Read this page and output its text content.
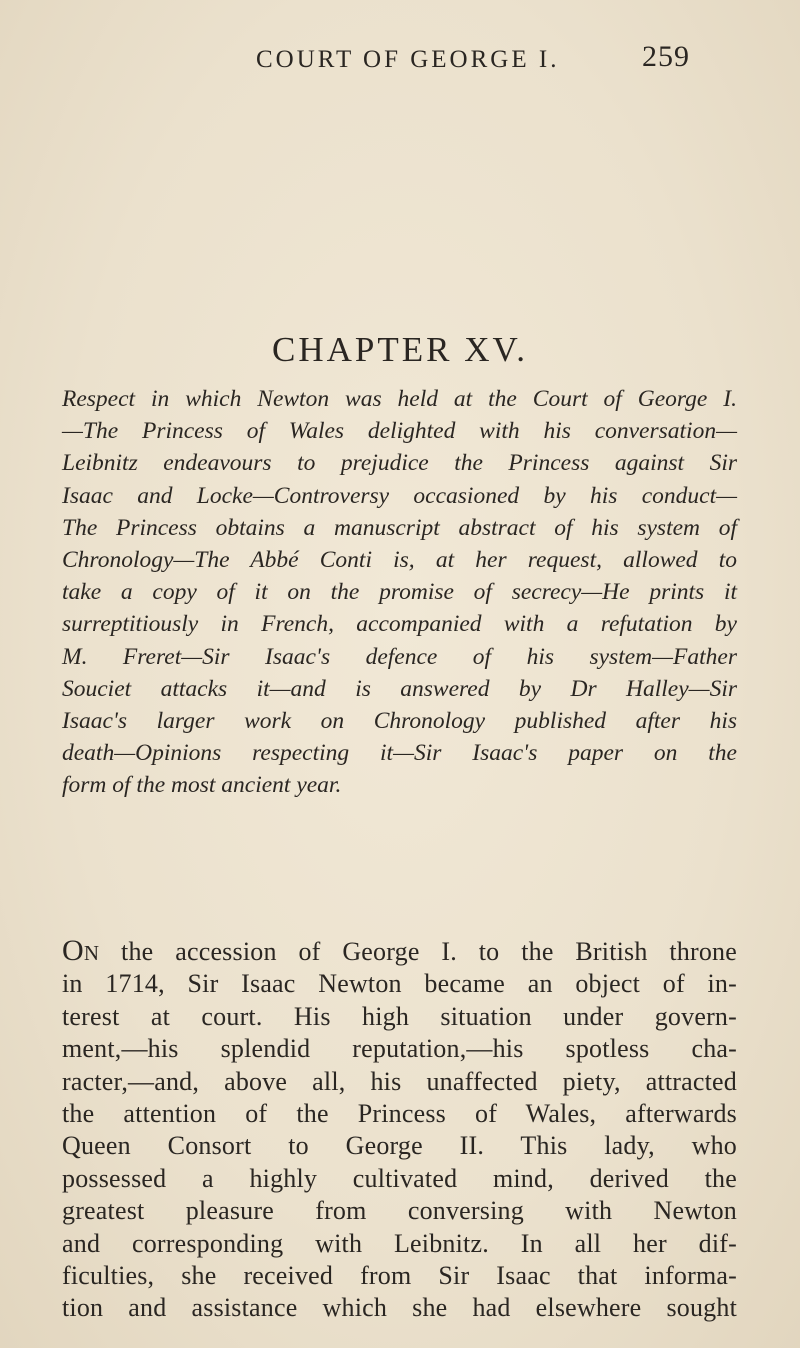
COURT OF GEORGE I.	259
CHAPTER XV.
Respect in which Newton was held at the Court of George I.
—The Princess of Wales delighted with his conversation—
Leibnitz endeavours to prejudice the Princess against Sir
Isaac and Locke—Controversy occasioned by his conduct—
The Princess obtains a manuscript abstract of his system of
Chronology—The Abbé Conti is, at her request, allowed to
take a copy of it on the promise of secrecy—He prints it
surreptitiously in French, accompanied with a refutation by
M. Freret—Sir Isaac's defence of his system—Father
Souciet attacks it—and is answered by Dr Halley—Sir
Isaac's larger work on Chronology published after his
death—Opinions respecting it—Sir Isaac's paper on the
form of the most ancient year.
On the accession of George I. to the British throne
in 1714, Sir Isaac Newton became an object of in-
terest at court. His high situation under govern-
ment,—his splendid reputation,—his spotless cha-
racter,—and, above all, his unaffected piety, attracted
the attention of the Princess of Wales, afterwards
Queen Consort to George II. This lady, who
possessed a highly cultivated mind, derived the
greatest pleasure from conversing with Newton
and corresponding with Leibnitz. In all her dif-
ficulties, she received from Sir Isaac that informa-
tion and assistance which she had elsewhere sought
